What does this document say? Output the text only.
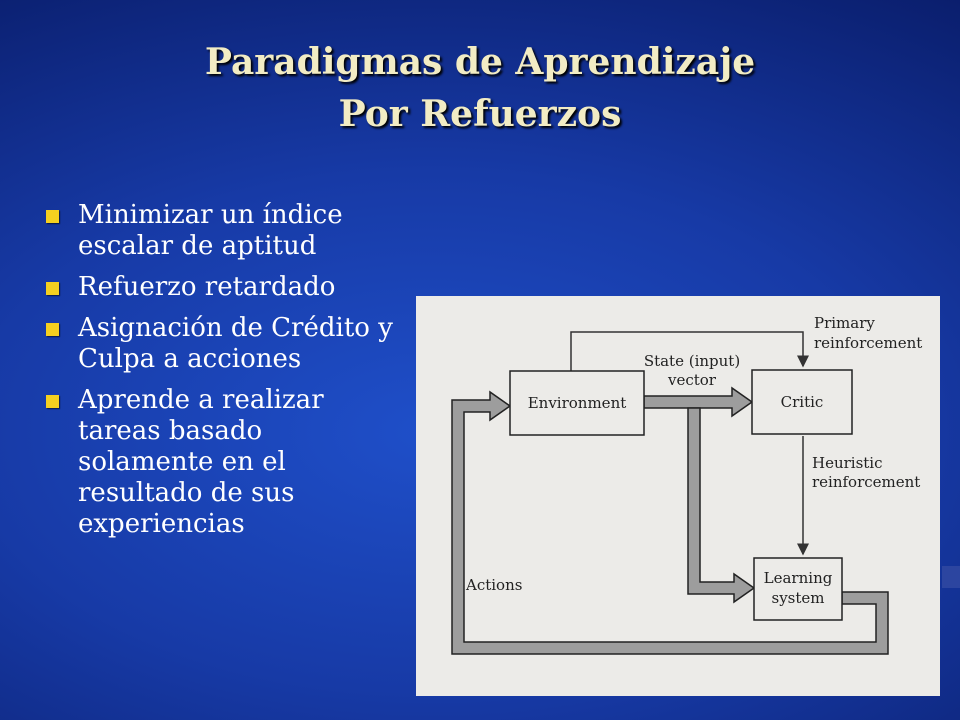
Paradigmas de Aprendizaje
Por Refuerzos
Minimizar un índice escalar de aptitud
Refuerzo retardado
Asignación de Crédito y Culpa a acciones
Aprende a realizar tareas basado solamente en el resultado de sus experiencias
Environment	Critic
Learning
system
State (input)
vector
Primary
reinforcement
Heuristic
reinforcement
Actions
